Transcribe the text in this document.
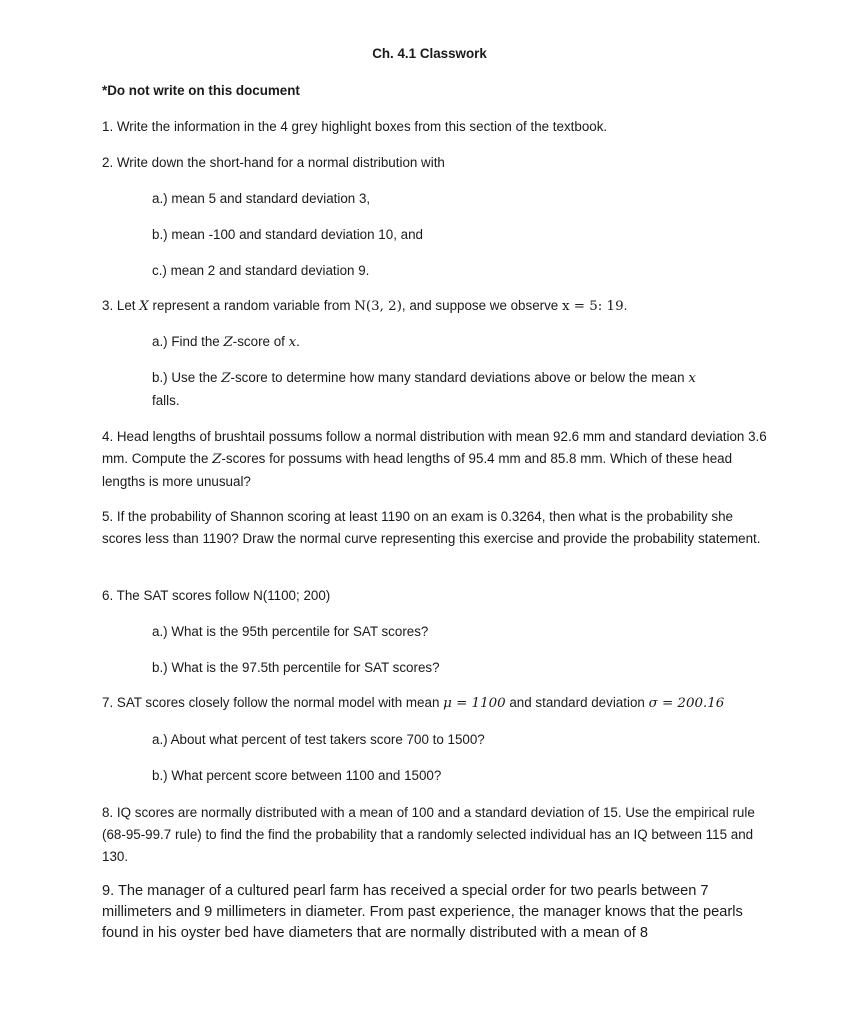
Ch. 4.1 Classwork

*Do not write on this document

1. Write the information in the 4 grey highlight boxes from this section of the textbook.

2. Write down the short-hand for a normal distribution with

a.) mean 5 and standard deviation 3,

b.) mean -100 and standard deviation 10, and

c.) mean 2 and standard deviation 9.

3. Let X represent a random variable from N(3, 2), and suppose we observe x = 5: 19.

a.) Find the Z-score of x.

b.) Use the Z-score to determine how many standard deviations above or below the mean x
falls.

4. Head lengths of brushtail possums follow a normal distribution with mean 92.6 mm and standard deviation 3.6 mm. Compute the Z-scores for possums with head lengths of 95.4 mm and 85.8 mm. Which of these head lengths is more unusual?

5. If the probability of Shannon scoring at least 1190 on an exam is 0.3264, then what is the probability she scores less than 1190? Draw the normal curve representing this exercise and provide the probability statement.

6. The SAT scores follow N(1100; 200)

a.) What is the 95th percentile for SAT scores?

b.) What is the 97.5th percentile for SAT scores?

7. SAT scores closely follow the normal model with mean μ = 1100 and standard deviation σ = 200.16

a.) About what percent of test takers score 700 to 1500?

b.) What percent score between 1100 and 1500?

8. IQ scores are normally distributed with a mean of 100 and a standard deviation of 15. Use the empirical rule (68-95-99.7 rule) to find the find the probability that a randomly selected individual has an IQ between 115 and 130.

9. The manager of a cultured pearl farm has received a special order for two pearls between 7 millimeters and 9 millimeters in diameter. From past experience, the manager knows that the pearls found in his oyster bed have diameters that are normally distributed with a mean of 8
